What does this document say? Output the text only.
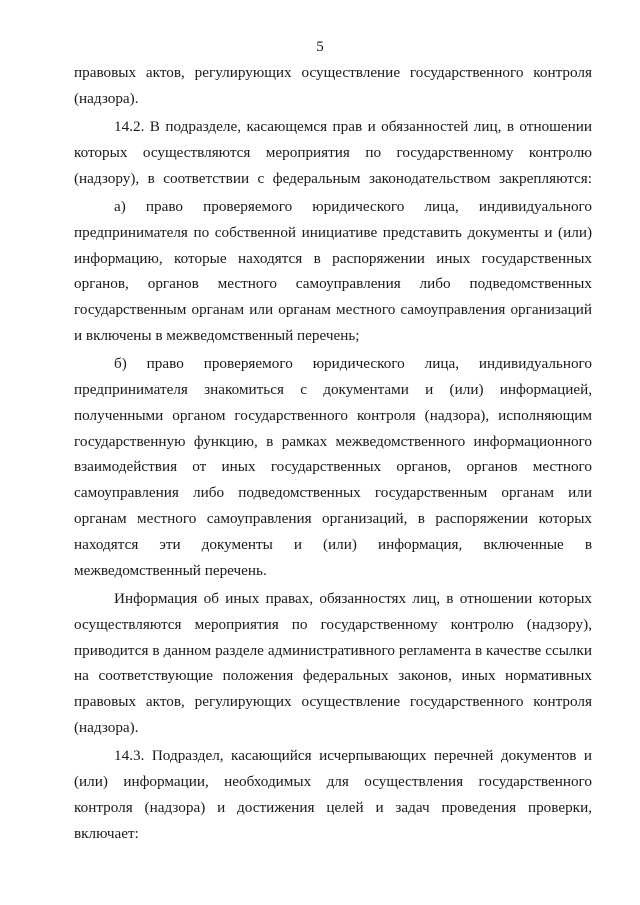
5
правовых актов, регулирующих осуществление государственного контроля
(надзора).
14.2. В подразделе, касающемся прав и обязанностей лиц, в отношении
которых осуществляются мероприятия по государственному контролю
(надзору), в соответствии с федеральным законодательством закрепляются:
а) право проверяемого юридического лица, индивидуального
предпринимателя по собственной инициативе представить документы и (или)
информацию, которые находятся в распоряжении иных государственных
органов, органов местного самоуправления либо подведомственных
государственным органам или органам местного самоуправления организаций
и включены в межведомственный перечень;
б) право проверяемого юридического лица, индивидуального
предпринимателя знакомиться с документами и (или) информацией,
полученными органом государственного контроля (надзора), исполняющим
государственную функцию, в рамках межведомственного информационного
взаимодействия от иных государственных органов, органов местного
самоуправления либо подведомственных государственным органам или
органам местного самоуправления организаций, в распоряжении которых
находятся эти документы и (или) информация, включенные в
межведомственный перечень.
Информация об иных правах, обязанностях лиц, в отношении которых
осуществляются мероприятия по государственному контролю (надзору),
приводится в данном разделе административного регламента в качестве ссылки
на соответствующие положения федеральных законов, иных нормативных
правовых актов, регулирующих осуществление государственного контроля
(надзора).
14.3. Подраздел, касающийся исчерпывающих перечней документов и
(или) информации, необходимых для осуществления государственного
контроля (надзора) и достижения целей и задач проведения проверки,
включает:
